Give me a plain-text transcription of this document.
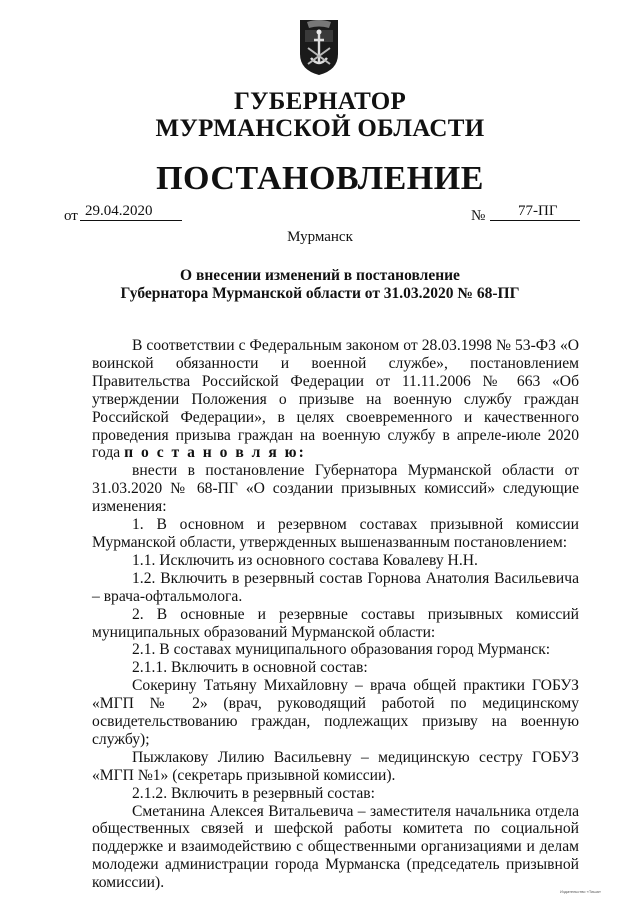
ГУБЕРНАТОР
МУРМАНСКОЙ ОБЛАСТИ
ПОСТАНОВЛЕНИЕ
от 29.04.2020	№ 77-ПГ
Мурманск
О внесении изменений в постановление
Губернатора Мурманской области от 31.03.2020 № 68-ПГ

В соответствии с Федеральным законом от 28.03.1998 № 53-ФЗ «О воинской обязанности и военной службе», постановлением Правительства Российской Федерации от 11.11.2006 № 663 «Об утверждении Положения о призыве на военную службу граждан Российской Федерации», в целях своевременного и качественного проведения призыва граждан на военную службу в апреле-июле 2020 года п о с т а н о в л я ю:

внести в постановление Губернатора Мурманской области от 31.03.2020 № 68-ПГ «О создании призывных комиссий» следующие изменения:

1. В основном и резервном составах призывной комиссии Мурманской области, утвержденных вышеназванным постановлением:

1.1. Исключить из основного состава Ковалеву Н.Н.

1.2. Включить в резервный состав Горнова Анатолия Васильевича – врача-офтальмолога.

2. В основные и резервные составы призывных комиссий муниципальных образований Мурманской области:

2.1. В составах муниципального образования город Мурманск:

2.1.1. Включить в основной состав:

Сокерину Татьяну Михайловну – врача общей практики ГОБУЗ «МГП № 2» (врач, руководящий работой по медицинскому освидетельствованию граждан, подлежащих призыву на военную службу);

Пыжлакову Лилию Васильевну – медицинскую сестру ГОБУЗ «МГП №1» (секретарь призывной комиссии).

2.1.2. Включить в резервный состав:

Сметанина Алексея Витальевича – заместителя начальника отдела общественных связей и шефской работы комитета по социальной поддержке и взаимодействию с общественными организациями и делам молодежи администрации города Мурманска (председатель призывной комиссии).

Издательство «Тиша»
